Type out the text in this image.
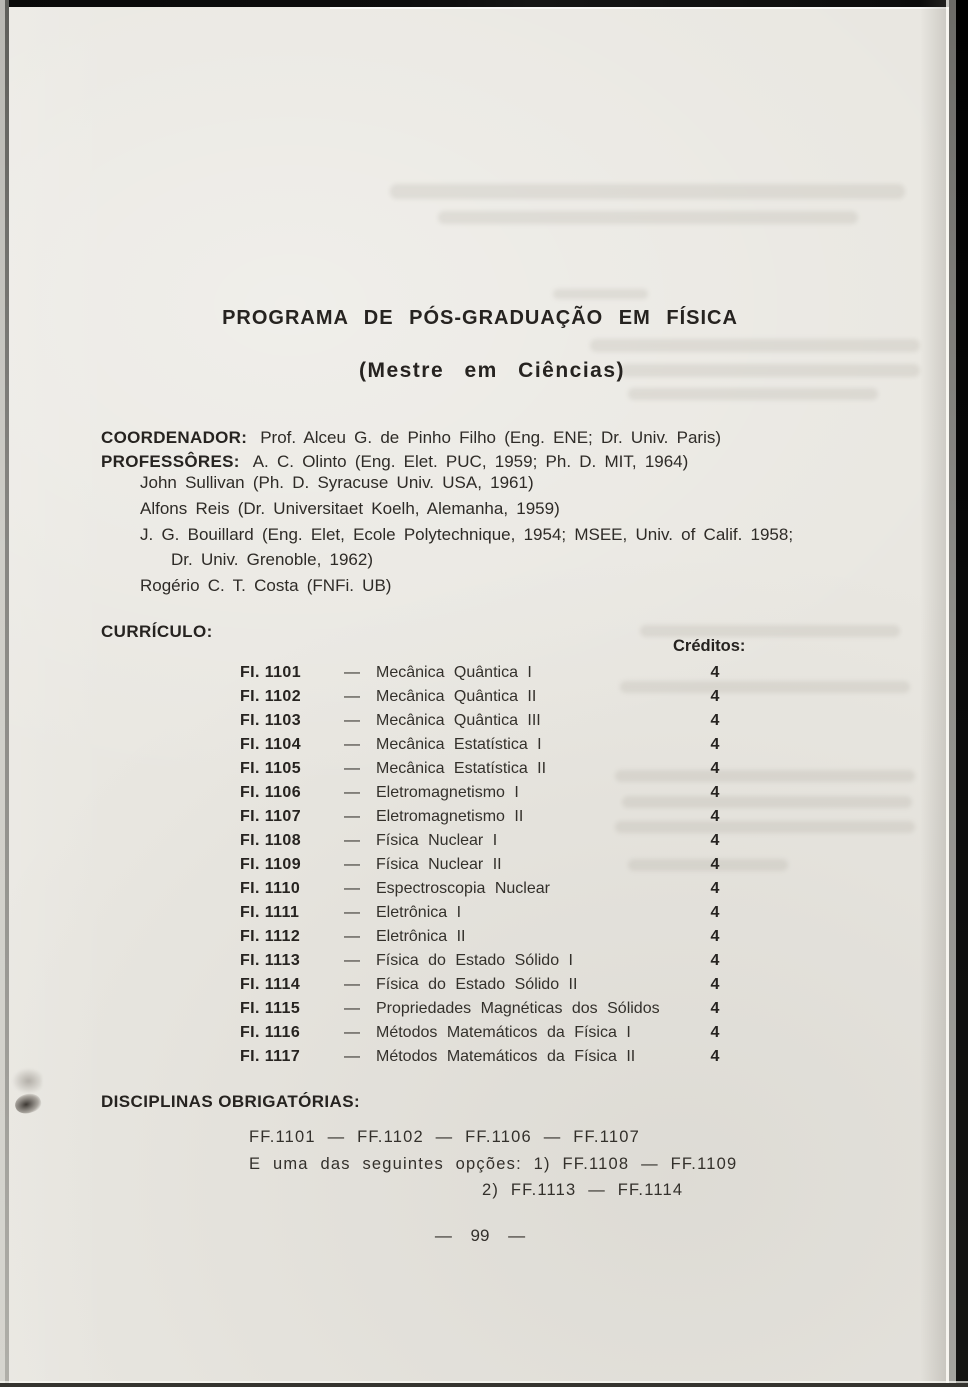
PROGRAMA DE PÓS-GRADUAÇÃO EM FÍSICA
(Mestre em Ciências)
COORDENADOR: Prof. Alceu G. de Pinho Filho (Eng. ENE; Dr. Univ. Paris)
PROFESSÔRES: A. C. Olinto (Eng. Elet. PUC, 1959; Ph. D. MIT, 1964)
John Sullivan (Ph. D. Syracuse Univ. USA, 1961)
Alfons Reis (Dr. Universitaet Koelh, Alemanha, 1959)
J. G. Bouillard (Eng. Elet, Ecole Polytechnique, 1954; MSEE, Univ. of Calif. 1958;
Dr. Univ. Grenoble, 1962)
Rogério C. T. Costa (FNFi. UB)
CURRÍCULO:
Créditos:
FI. 1101	—	Mecânica Quântica I	4
FI. 1102	—	Mecânica Quântica II	4
FI. 1103	—	Mecânica Quântica III	4
FI. 1104	—	Mecânica Estatística I	4
FI. 1105	—	Mecânica Estatística II	4
FI. 1106	—	Eletromagnetismo I	4
FI. 1107	—	Eletromagnetismo II	4
FI. 1108	—	Física Nuclear I	4
FI. 1109	—	Física Nuclear II	4
FI. 1110	—	Espectroscopia Nuclear	4
FI. 1111	—	Eletrônica I	4
FI. 1112	—	Eletrônica II	4
FI. 1113	—	Física do Estado Sólido I	4
FI. 1114	—	Física do Estado Sólido II	4
FI. 1115	—	Propriedades Magnéticas dos Sólidos	4
FI. 1116	—	Métodos Matemáticos da Física I	4
FI. 1117	—	Métodos Matemáticos da Física II	4
DISCIPLINAS OBRIGATÓRIAS:
FF.1101 — FF.1102 — FF.1106 — FF.1107
E uma das seguintes opções: 1) FF.1108 — FF.1109
2) FF.1113 — FF.1114
— 99 —
